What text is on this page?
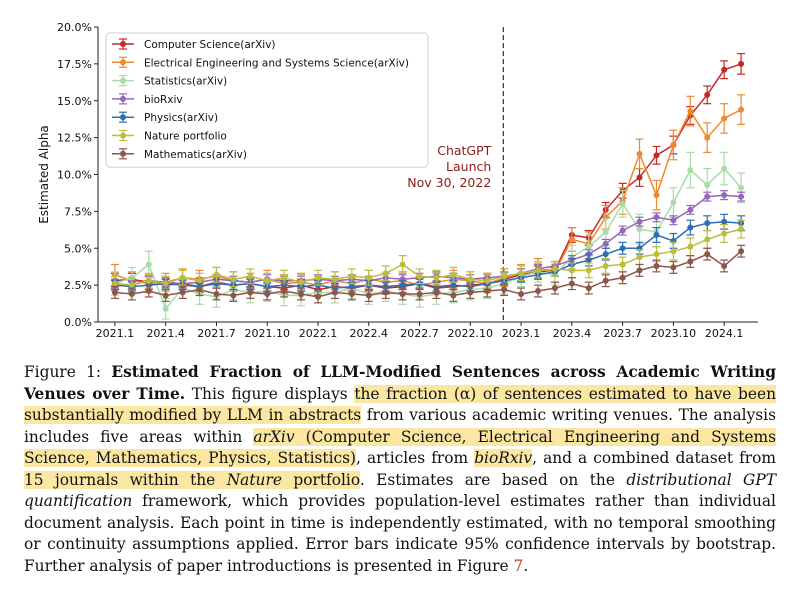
0.0%
2.5%
5.0%
7.5%
10.0%
12.5%
15.0%
17.5%
20.0%
2021.1 2021.4 2021.7 2021.10 2022.1 2022.4 2022.7 2022.10 2023.1 2023.4 2023.7 2023.10 2024.1
Estimated Alpha	ChatGPT
Launch
Nov 30, 2022
Computer Science(arXiv)
Electrical Engineering and Systems Science(arXiv)
Statistics(arXiv)
bioRxiv
Physics(arXiv)
Nature portfolio
Mathematics(arXiv)
Figure 1: Estimated Fraction of LLM-Modified Sentences across Academic Writing Venues over Time. This figure displays the fraction (α) of sentences estimated to have been substantially modified by LLM in abstracts from various academic writing venues. The analysis includes five areas within arXiv (Computer Science, Electrical Engineering and Systems Science, Mathematics, Physics, Statistics), articles from bioRxiv, and a combined dataset from 15 journals within the Nature portfolio. Estimates are based on the distributional GPT quantification framework, which provides population-level estimates rather than individual document analysis. Each point in time is independently estimated, with no temporal smoothing or continuity assumptions applied. Error bars indicate 95% confidence intervals by bootstrap. Further analysis of paper introductions is presented in Figure 7.
